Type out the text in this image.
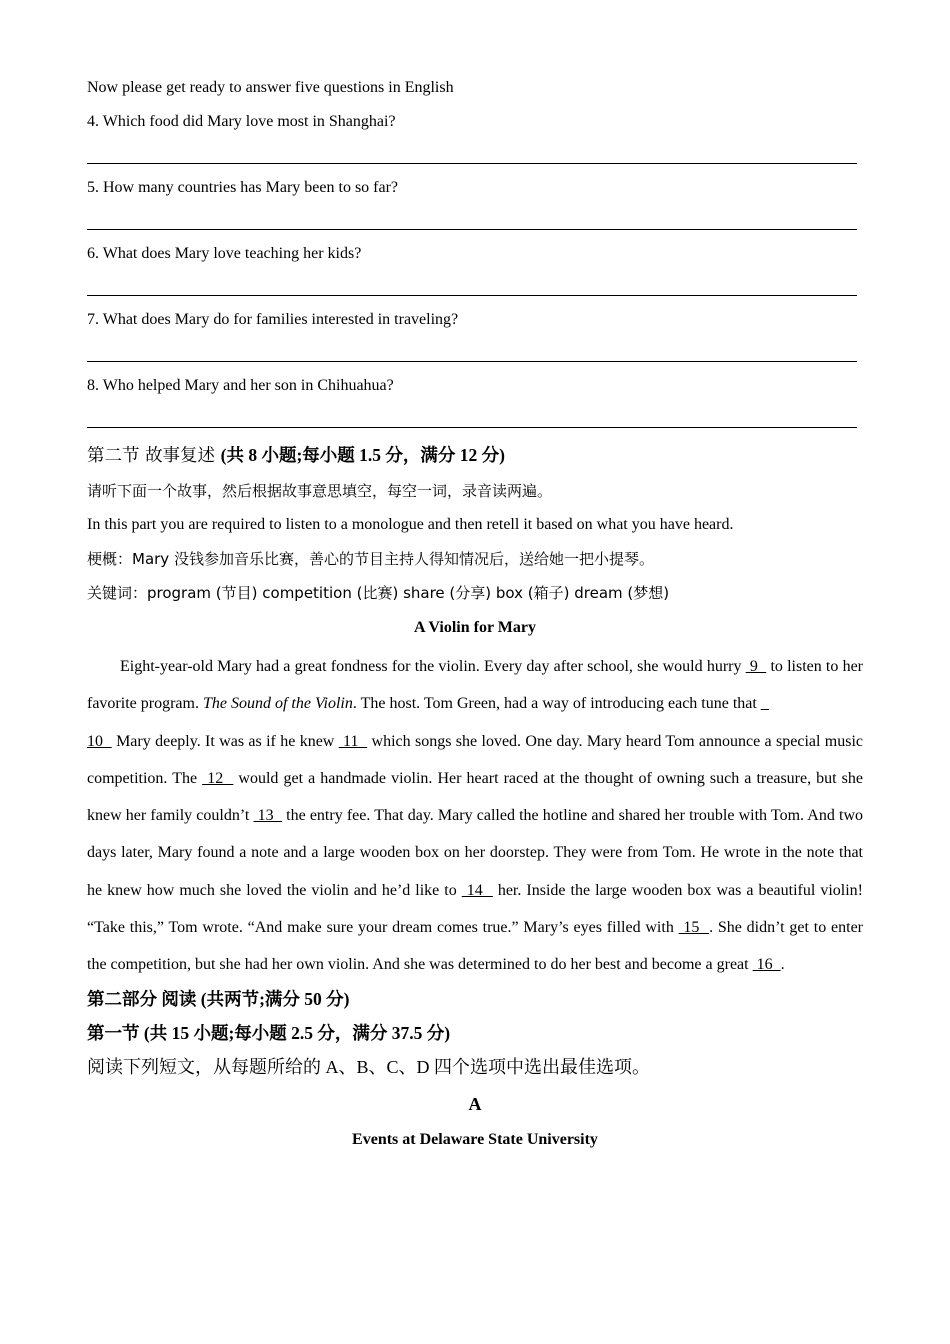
Now please get ready to answer five questions in English
4. Which food did Mary love most in Shanghai?
5. How many countries has Mary been to so far?
6. What does Mary love teaching her kids?
7. What does Mary do for families interested in traveling?
8. Who helped Mary and her son in Chihuahua?
第二节 故事复述 (共 8 小题;每小题 1.5 分，满分 12 分)
请听下面一个故事，然后根据故事意思填空，每空一词，录音读两遍。
In this part you are required to listen to a monologue and then retell it based on what you have heard.
梗概：Mary 没钱参加音乐比赛，善心的节目主持人得知情况后，送给她一把小提琴。
关键词：program (节目) competition (比赛) share (分享) box (箱子) dream (梦想)
A Violin for Mary
Eight-year-old Mary had a great fondness for the violin. Every day after school, she would hurry  9   to listen to her favorite program. The Sound of the Violin. The host. Tom Green, had a way of introducing each tune that _
10   Mary deeply. It was as if he knew  11   which songs she loved. One day. Mary heard Tom announce a special music competition. The  12   would get a handmade violin. Her heart raced at the thought of owning such a treasure, but she knew her family couldn’t  13   the entry fee. That day. Mary called the hotline and shared her trouble with Tom. And two days later, Mary found a note and a large wooden box on her doorstep. They were from Tom. He wrote in the note that he knew how much she loved the violin and he’d like to  14   her. Inside the large wooden box was a beautiful violin! “Take this,” Tom wrote. “And make sure your dream comes true.” Mary’s eyes filled with  15  . She didn’t get to enter the competition, but she had her own violin. And she was determined to do her best and become a great  16  .
第二部分 阅读 (共两节;满分 50 分)
第一节 (共 15 小题;每小题 2.5 分，满分 37.5 分)
阅读下列短文，从每题所给的 A、B、C、D 四个选项中选出最佳选项。
A
Events at Delaware State University
